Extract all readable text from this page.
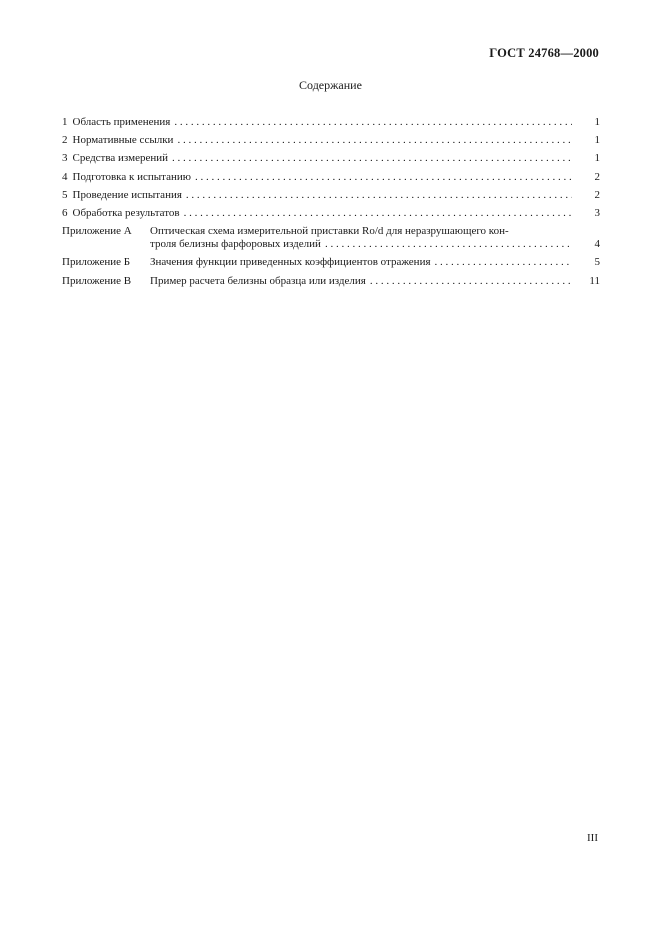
ГОСТ 24768—2000
Содержание
1 Область применения . . .	1
2 Нормативные ссылки . . .	1
3 Средства измерений . . .	1
4 Подготовка к испытанию . . .	2
5 Проведение испытания . . .	2
6 Обработка результатов . . .	3
Приложение А	Оптическая схема измерительной приставки Ro/d для неразрушающего кон-
троля белизны фарфоровых изделий . . .	4
Приложение Б	Значения функции приведенных коэффициентов отражения . . .	5
Приложение В	Пример расчета белизны образца или изделия . . .	11
III
